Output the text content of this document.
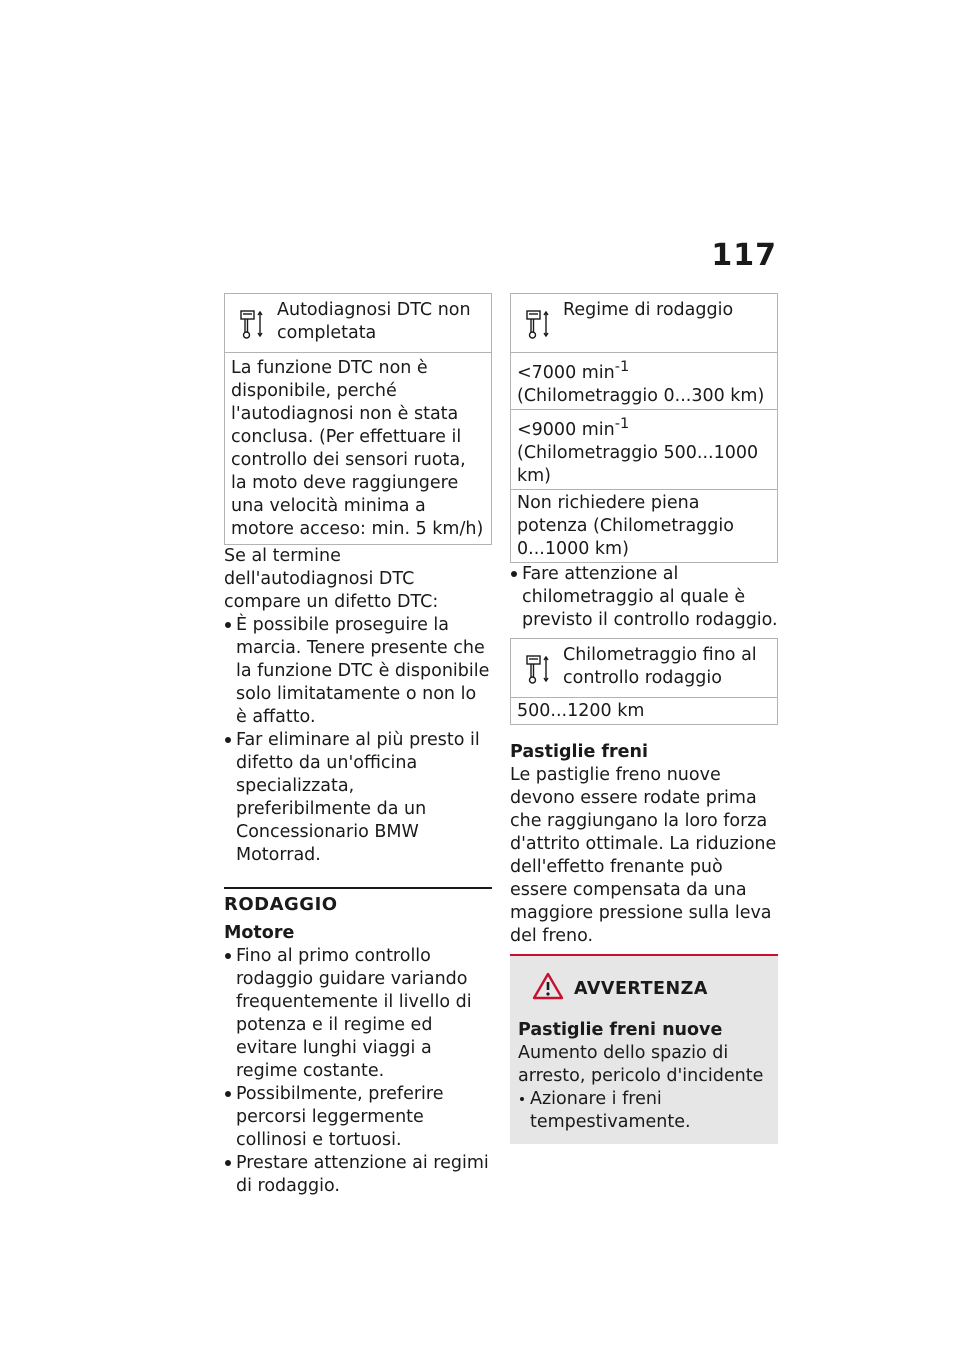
117
Autodiagnosi DTC non completata
La funzione DTC non è disponibile, perché l'autodiagnosi non è stata conclusa. (Per effettuare il controllo dei sensori ruota, la moto deve raggiungere una velocità minima a motore acceso: min. 5 km/h)

Se al termine dell'autodiagnosi DTC compare un difetto DTC:

È possibile proseguire la marcia. Tenere presente che la funzione DTC è disponibile solo limitatamente o non lo è affatto.
Far eliminare al più presto il difetto da un'officina specializzata, preferibilmente da un Concessionario BMW Motorrad.
RODAGGIO
Motore
Fino al primo controllo rodaggio guidare variando frequentemente il livello di potenza e il regime ed evitare lunghi viaggi a regime costante.
Possibilmente, preferire percorsi leggermente collinosi e tortuosi.
Prestare attenzione ai regimi di rodaggio.
Regime di rodaggio
<7000 $\min^{-1}$ (Chilometraggio 0...300 km)
<9000 $\min^{-1}$ (Chilometraggio 500...1000 km)
Non richiedere piena potenza (Chilometraggio 0...1000 km)
Fare attenzione al chilometraggio al quale è previsto il controllo rodaggio.
Chilometraggio fino al controllo rodaggio
500...1200 km
Pastiglie freni

Le pastiglie freno nuove devono essere rodate prima che raggiungano la loro forza d'attrito ottimale. La riduzione dell'effetto frenante può essere compensata da una maggiore pressione sulla leva del freno.

AVVERTENZA
Pastiglie freni nuove

Aumento dello spazio di arresto, pericolo d'incidente

Azionare i freni tempestivamente.
